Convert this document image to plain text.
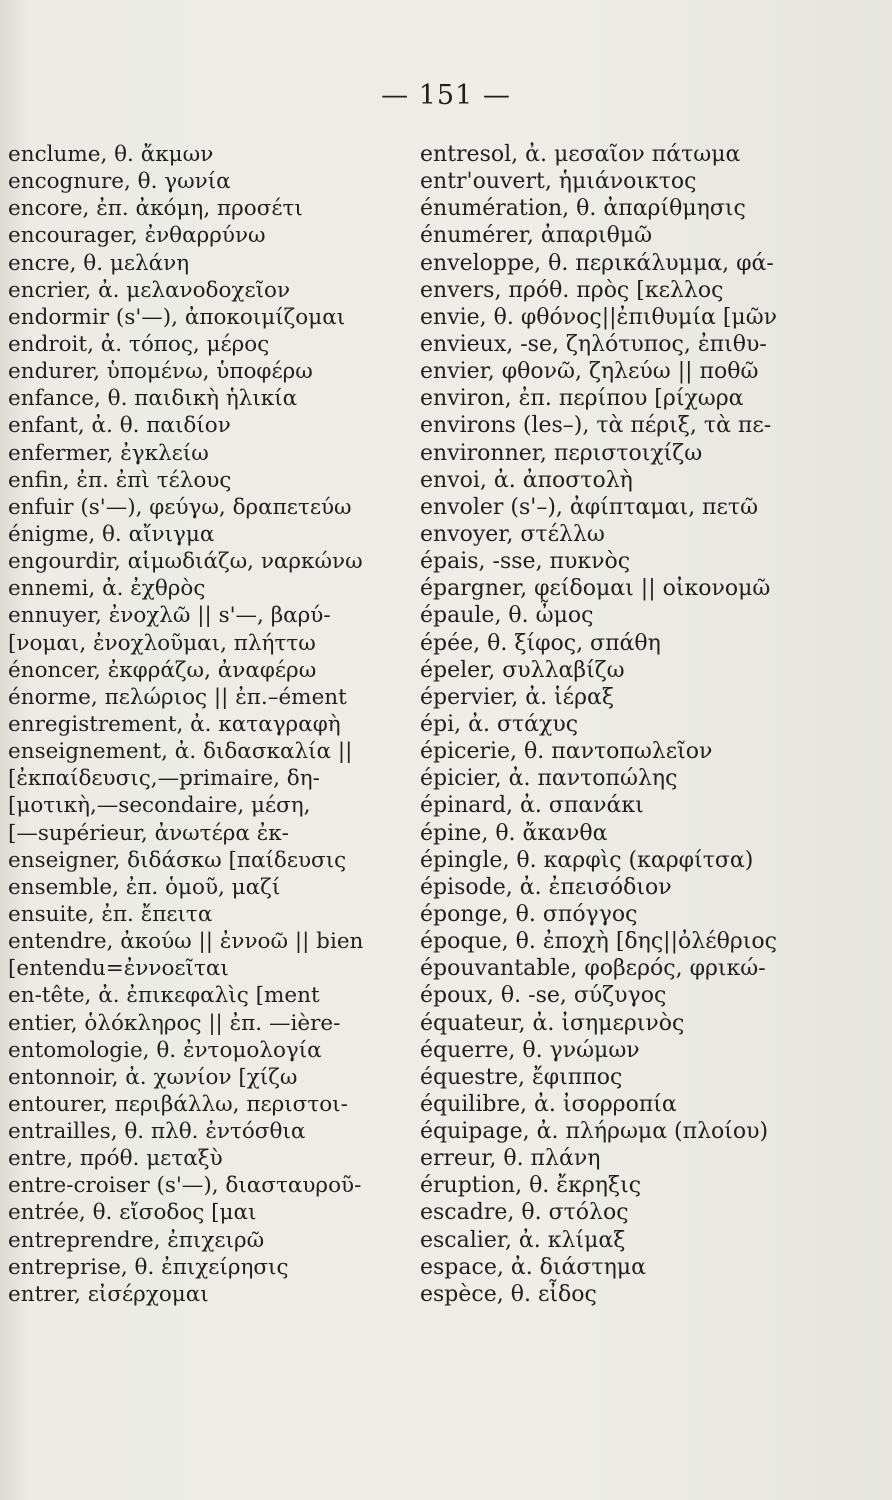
— 151 —
enclume, θ. ἄκμων
encognure, θ. γωνία
encore, ἐπ. ἀκόμη, προσέτι
encourager, ἐνθαρρύνω
encre, θ. μελάνη
encrier, ἀ. μελανοδοχεῖον
endormir (s'—), ἀποκοιμίζομαι
endroit, ἀ. τόπος, μέρος
endurer, ὑπομένω, ὑποφέρω
enfance, θ. παιδικὴ ἡλικία
enfant, ἀ. θ. παιδίον
enfermer, ἐγκλείω
enfin, ἐπ. ἐπὶ τέλους
enfuir (s'—), φεύγω, δραπετεύω
énigme, θ. αἴνιγμα
engourdir, αἱμωδιάζω, ναρκώνω
ennemi, ἀ. ἐχθρὸς
ennuyer, ἐνοχλῶ || s'—, βαρύ-
[νομαι, ἐνοχλοῦμαι, πλήττω
énoncer, ἐκφράζω, ἀναφέρω
énorme, πελώριος || ἐπ.–ément
enregistrement, ἀ. καταγραφὴ
enseignement, ἀ. διδασκαλία ||
[ἐκπαίδευσις,—primaire, δη-
[μοτικὴ,—secondaire, μέση,
[—supérieur, ἀνωτέρα ἐκ-
enseigner, διδάσκω [παίδευσις
ensemble, ἐπ. ὁμοῦ, μαζί
ensuite, ἐπ. ἔπειτα
entendre, ἀκούω || ἐννοῶ || bien
[entendu=ἐννοεῖται
en-tête, ἀ. ἐπικεφαλὶς [ment
entier, ὁλόκληρος || ἐπ. —ière-
entomologie, θ. ἐντομολογία
entonnoir, ἀ. χωνίον [χίζω
entourer, περιβάλλω, περιστοι-
entrailles, θ. πλθ. ἐντόσθια
entre, πρόθ. μεταξὺ
entre-croiser (s'—), διασταυροῦ-
entrée, θ. εἴσοδος [μαι
entreprendre, ἐπιχειρῶ
entreprise, θ. ἐπιχείρησις
entrer, εἰσέρχομαι
entresol, ἀ. μεσαῖον πάτωμα
entr'ouvert, ἡμιάνοικτος
énumération, θ. ἀπαρίθμησις
énumérer, ἀπαριθμῶ
enveloppe, θ. περικάλυμμα, φά-
envers, πρόθ. πρὸς [κελλος
envie, θ. φθόνος||ἐπιθυμία [μῶν
envieux, -se, ζηλότυπος, ἐπιθυ-
envier, φθονῶ, ζηλεύω || ποθῶ
environ, ἐπ. περίπου [ρίχωρα
environs (les–), τὰ πέριξ, τὰ πε-
environner, περιστοιχίζω
envoi, ἀ. ἀποστολὴ
envoler (s'–), ἀφίπταμαι, πετῶ
envoyer, στέλλω
épais, -sse, πυκνὸς
épargner, φείδομαι || οἰκονομῶ
épaule, θ. ὦμος
épée, θ. ξίφος, σπάθη
épeler, συλλαβίζω
épervier, ἀ. ἱέραξ
épi, ἀ. στάχυς
épicerie, θ. παντοπωλεῖον
épicier, ἀ. παντοπώλης
épinard, ἀ. σπανάκι
épine, θ. ἄκανθα
épingle, θ. καρφὶς (καρφίτσα)
épisode, ἀ. ἐπεισόδιον
éponge, θ. σπόγγος
époque, θ. ἐποχὴ [δης||ὀλέθριος
épouvantable, φοβερός, φρικώ-
époux, θ. -se, σύζυγος
équateur, ἀ. ἰσημερινὸς
équerre, θ. γνώμων
équestre, ἔφιππος
équilibre, ἀ. ἰσορροπία
équipage, ἀ. πλήρωμα (πλοίου)
erreur, θ. πλάνη
éruption, θ. ἔκρηξις
escadre, θ. στόλος
escalier, ἀ. κλίμαξ
espace, ἀ. διάστημα
espèce, θ. εἶδος
